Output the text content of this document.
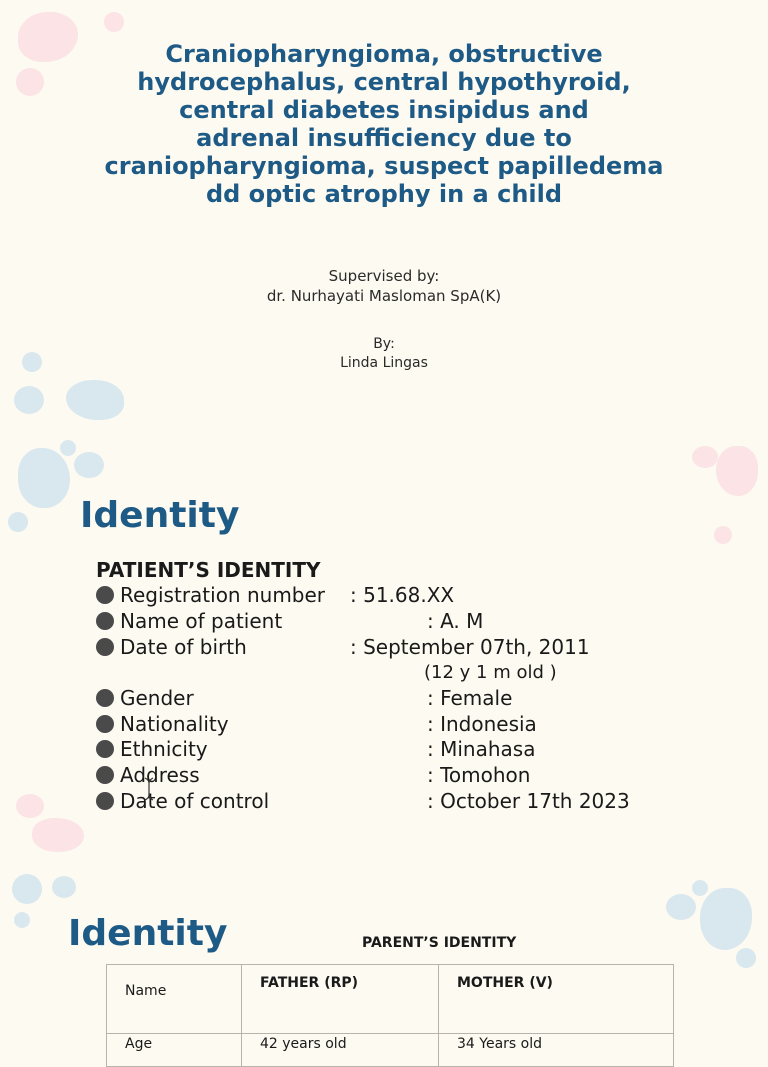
Craniopharyngioma, obstructive
hydrocephalus, central hypothyroid,
central diabetes insipidus and
adrenal insufficiency due to
craniopharyngioma, suspect papilledema
dd optic atrophy in a child
Supervised by:
dr. Nurhayati Masloman SpA(K)
By:
Linda Lingas
Identity
PATIENT’S IDENTITY
Registration number : 51.68.XX
Name of patient	: A. M
Date of birth	: September 07th, 2011
(12 y 1 m old )
Gender	: Female
Nationality	: Indonesia
Ethnicity	: Minahasa
Address	: Tomohon
Date of control	: October 17th 2023
Identity	PARENT’S IDENTITY
Name	FATHER (RP)	MOTHER (V)
Age	42 years old	34 Years old
